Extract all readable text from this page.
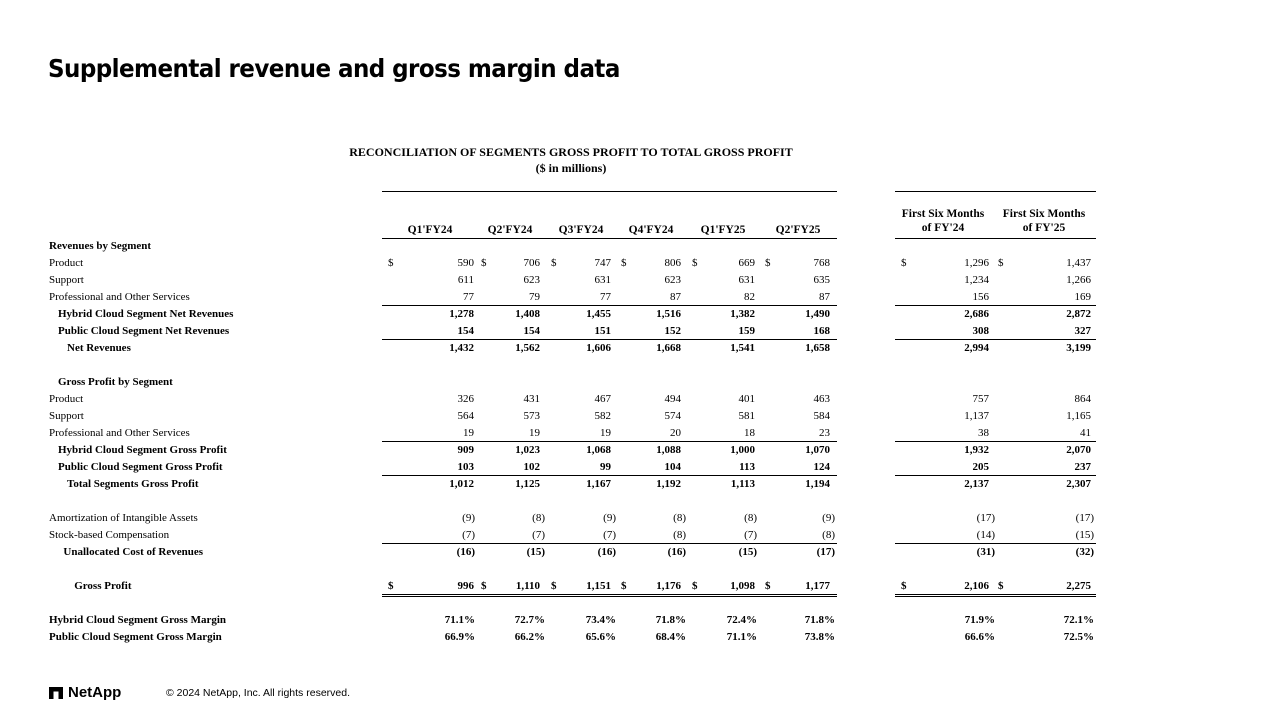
Supplemental revenue and gross margin data
RECONCILIATION OF SEGMENTS GROSS PROFIT TO TOTAL GROSS PROFIT
($ in millions)
Q1'FY24	Q2'FY24	Q3'FY24	Q4'FY24	Q1'FY25	Q2'FY25
First Six Months
of FY'24
First Six Months
of FY'25
Revenues by Segment
Product	$	590 $	706 $	747 $	806 $	669 $	768	$	1,296 $	1,437
Support	611	623	631	623	631	635	1,234	1,266
Professional and Other Services	77	79	77	87	82	87	156	169
Hybrid Cloud Segment Net Revenues	1,278	1,408	1,455	1,516	1,382	1,490	2,686	2,872
Public Cloud Segment Net Revenues	154	154	151	152	159	168	308	327
Net Revenues	1,432	1,562	1,606	1,668	1,541	1,658	2,994	3,199
Gross Profit by Segment
Product	326	431	467	494	401	463	757	864
Support	564	573	582	574	581	584	1,137	1,165
Professional and Other Services	19	19	19	20	18	23	38	41
Hybrid Cloud Segment Gross Profit	909	1,023	1,068	1,088	1,000	1,070	1,932	2,070
Public Cloud Segment Gross Profit	103	102	99	104	113	124	205	237
Total Segments Gross Profit	1,012	1,125	1,167	1,192	1,113	1,194	2,137	2,307
Amortization of Intangible Assets	(9)	(8)	(9)	(8)	(8)	(9)	(17)	(17)
Stock-based Compensation	(7)	(7)	(7)	(8)	(7)	(8)	(14)	(15)
Unallocated Cost of Revenues	(16)	(15)	(16)	(16)	(15)	(17)	(31)	(32)
Gross Profit	$	996 $	1,110 $	1,151 $	1,176 $	1,098 $	1,177	$	2,106 $	2,275
Hybrid Cloud Segment Gross Margin	71.1%	72.7%	73.4%	71.8%	72.4%	71.8%	71.9%	72.1%
Public Cloud Segment Gross Margin	66.9%	66.2%	65.6%	68.4%	71.1%	73.8%	66.6%	72.5%
NetApp	© 2024 NetApp, Inc. All rights reserved.
